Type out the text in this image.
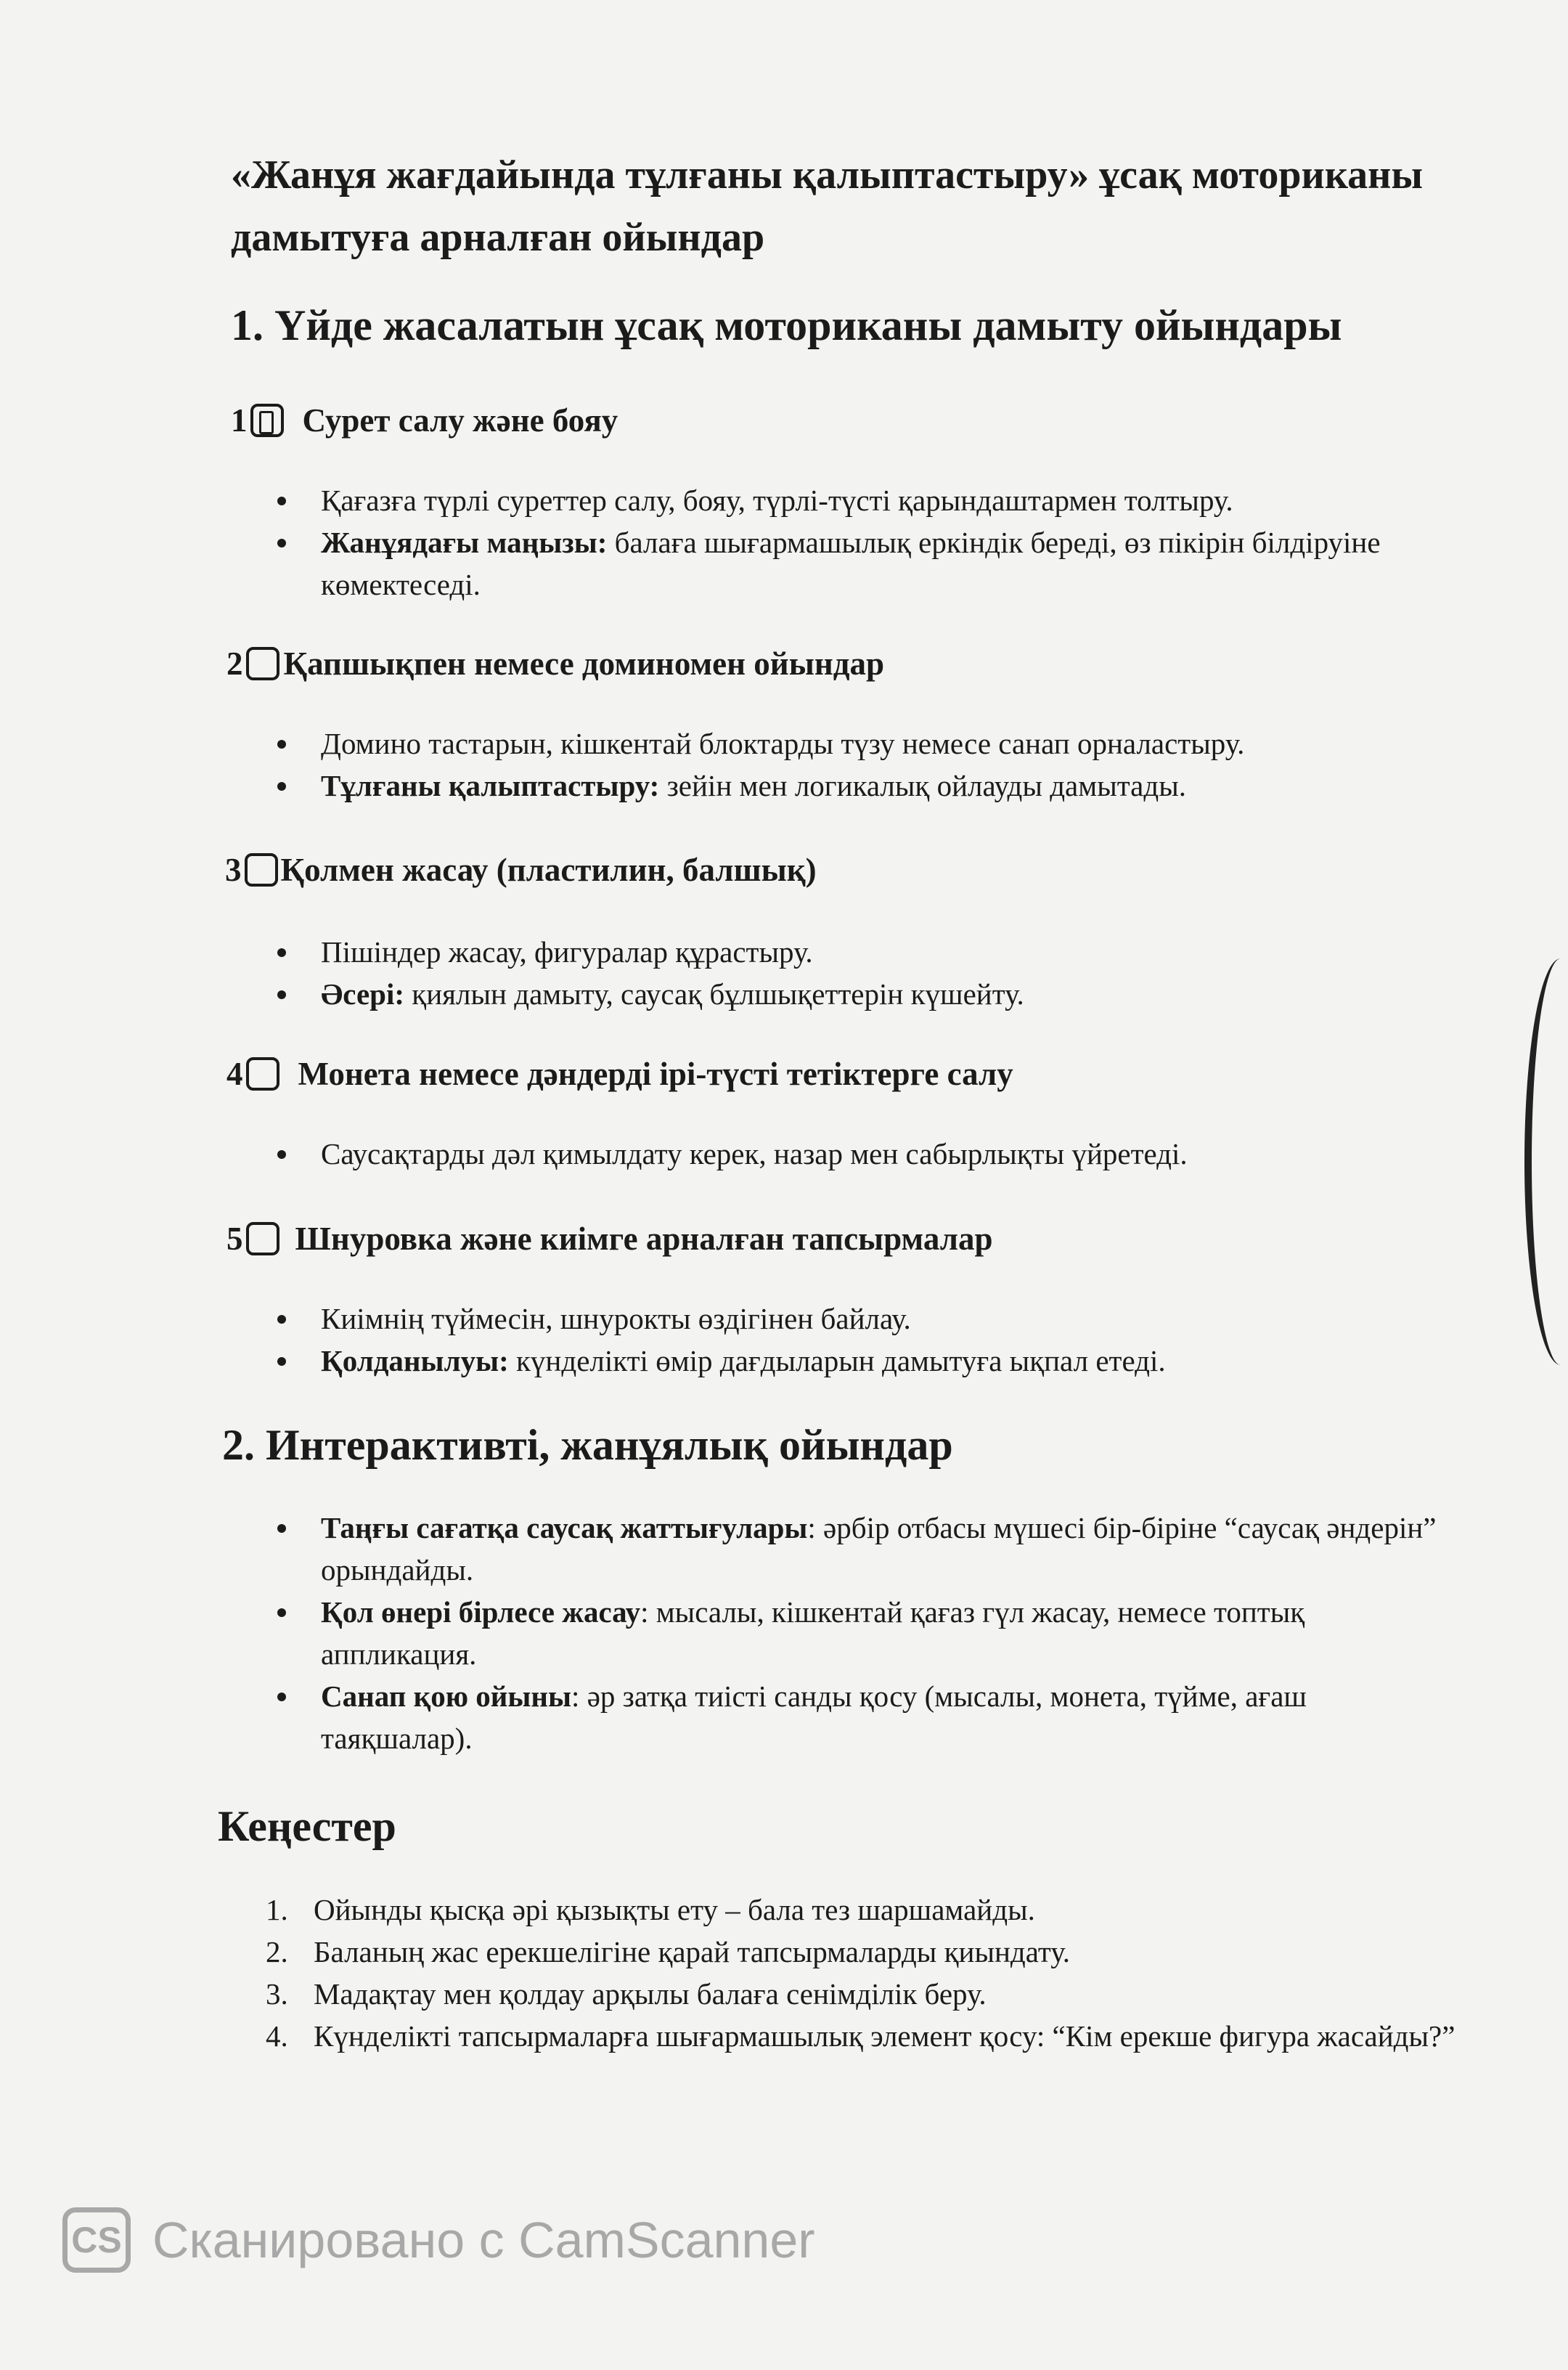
«Жанұя жағдайында тұлғаны қалыптастыру» ұсақ моториканы дамытуға арналған ойындар
1. Үйде жасалатын ұсақ моториканы дамыту ойындары
1 Сурет салу және бояу
Қағазға түрлі суреттер салу, бояу, түрлі-түсті қарындаштармен толтыру.
Жанұядағы маңызы: балаға шығармашылық еркіндік береді, өз пікірін білдіруіне көмектеседі.
2 Қапшықпен немесе доминомен ойындар
Домино тастарын, кішкентай блоктарды түзу немесе санап орналастыру.
Тұлғаны қалыптастыру: зейін мен логикалық ойлауды дамытады.
3 Қолмен жасау (пластилин, балшық)
Пішіндер жасау, фигуралар құрастыру.
Әсері: қиялын дамыту, саусақ бұлшықеттерін күшейту.
4 Монета немесе дәндерді ірі-түсті тетіктерге салу
Саусақтарды дәл қимылдату керек, назар мен сабырлықты үйретеді.
5 Шнуровка және киімге арналған тапсырмалар
Киімнің түймесін, шнурокты өздігінен байлау.
Қолданылуы: күнделікті өмір дағдыларын дамытуға ықпал етеді.
2. Интерактивті, жанұялық ойындар
Таңғы сағатқа саусақ жаттығулары: әрбір отбасы мүшесі бір-біріне “саусақ әндерін” орындайды.
Қол өнері бірлесе жасау: мысалы, кішкентай қағаз гүл жасау, немесе топтық аппликация.
Санап қою ойыны: әр затқа тиісті санды қосу (мысалы, монета, түйме, ағаш таяқшалар).
Кеңестер
1. Ойынды қысқа әрі қызықты ету – бала тез шаршамайды.
2. Баланың жас ерекшелігіне қарай тапсырмаларды қиындату.
3. Мадақтау мен қолдау арқылы балаға сенімділік беру.
4. Күнделікті тапсырмаларға шығармашылық элемент қосу: “Кім ерекше фигура жасайды?”
CS Сканировано с CamScanner
